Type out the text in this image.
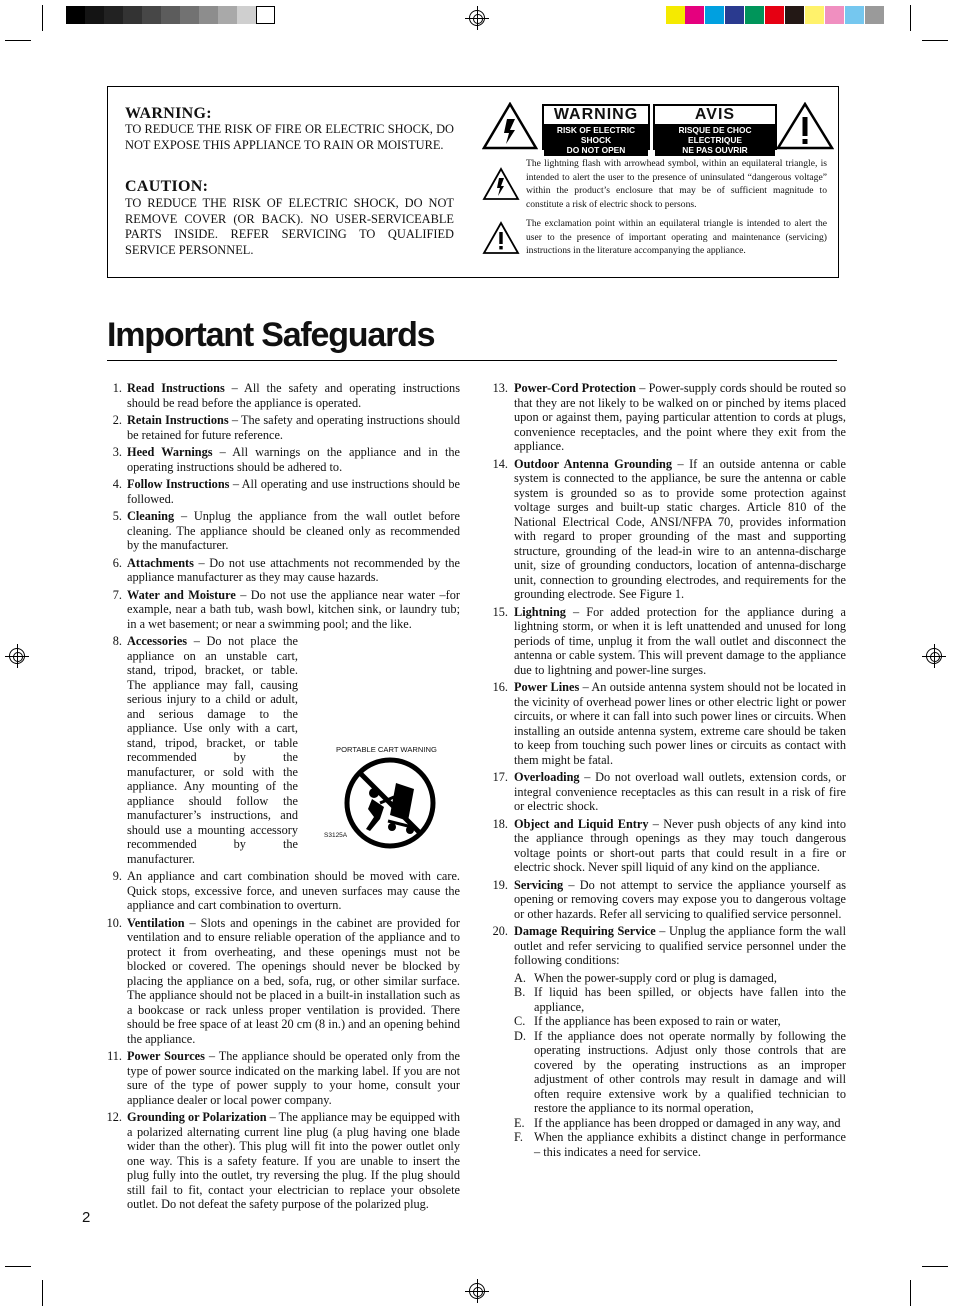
WARNING:
TO REDUCE THE RISK OF FIRE OR ELECTRIC SHOCK, DO NOT EXPOSE THIS APPLIANCE TO RAIN OR MOISTURE.
CAUTION:
TO REDUCE THE RISK OF ELECTRIC SHOCK, DO NOT REMOVE COVER (OR BACK). NO USER-SERVICEABLE PARTS INSIDE. REFER SERVICING TO QUALIFIED SERVICE PERSONNEL.
WARNING
RISK OF ELECTRIC SHOCK
DO NOT OPEN
AVIS
RISQUE DE CHOC ELECTRIQUE
NE PAS OUVRIR
The lightning flash with arrowhead symbol, within an equilateral triangle, is intended to alert the user to the presence of uninsulated “dangerous voltage” within the product’s enclosure that may be of sufficient magnitude to constitute a risk of electric shock to persons.
The exclamation point within an equilateral triangle is intended to alert the user to the presence of important operating and maintenance (servicing) instructions in the literature accompanying the appliance.
Important Safeguards
1. Read Instructions – All the safety and operating instructions should be read before the appliance is operated.
2. Retain Instructions – The safety and operating instructions should be retained for future reference.
3. Heed Warnings – All warnings on the appliance and in the operating instructions should be adhered to.
4. Follow Instructions – All operating and use instructions should be followed.
5. Cleaning – Unplug the appliance from the wall outlet before cleaning. The appliance should be cleaned only as recommended by the manufacturer.
6. Attachments – Do not use attachments not recommended by the appliance manufacturer as they may cause hazards.
7. Water and Moisture – Do not use the appliance near water –for example, near a bath tub, wash bowl, kitchen sink, or laundry tub; in a wet basement; or near a swimming pool; and the like.
8. Accessories – Do not place the appliance on an unstable cart, stand, tripod, bracket, or table. The appliance may fall, causing serious injury to a child or adult, and serious damage to the appliance. Use only with a cart, stand, tripod, bracket, or table recommended by the manufacturer, or sold with the appliance. Any mounting of the appliance should follow the manufacturer’s instructions, and should use a mounting accessory recommended by the manufacturer.
9. An appliance and cart combination should be moved with care. Quick stops, excessive force, and uneven surfaces may cause the appliance and cart combination to overturn.
10. Ventilation – Slots and openings in the cabinet are provided for ventilation and to ensure reliable operation of the appliance and to protect it from overheating, and these openings must not be blocked or covered. The openings should never be blocked by placing the appliance on a bed, sofa, rug, or other similar surface. The appliance should not be placed in a built-in installation such as a bookcase or rack unless proper ventilation is provided. There should be free space of at least 20 cm (8 in.) and an opening behind the appliance.
11. Power Sources – The appliance should be operated only from the type of power source indicated on the marking label. If you are not sure of the type of power supply to your home, consult your appliance dealer or local power company.
12. Grounding or Polarization – The appliance may be equipped with a polarized alternating current line plug (a plug having one blade wider than the other). This plug will fit into the power outlet only one way. This is a safety feature. If you are unable to insert the plug fully into the outlet, try reversing the plug. If the plug should still fail to fit, contact your electrician to replace your obsolete outlet. Do not defeat the safety purpose of the polarized plug.
13. Power-Cord Protection – Power-supply cords should be routed so that they are not likely to be walked on or pinched by items placed upon or against them, paying particular attention to cords at plugs, convenience receptacles, and the point where they exit from the appliance.
14. Outdoor Antenna Grounding – If an outside antenna or cable system is connected to the appliance, be sure the antenna or cable system is grounded so as to provide some protection against voltage surges and built-up static charges. Article 810 of the National Electrical Code, ANSI/NFPA 70, provides information with regard to proper grounding of the mast and supporting structure, grounding of the lead-in wire to an antenna-discharge unit, size of grounding conductors, location of antenna-discharge unit, connection to grounding electrodes, and requirements for the grounding electrode. See Figure 1.
15. Lightning – For added protection for the appliance during a lightning storm, or when it is left unattended and unused for long periods of time, unplug it from the wall outlet and disconnect the antenna or cable system. This will prevent damage to the appliance due to lightning and power-line surges.
16. Power Lines – An outside antenna system should not be located in the vicinity of overhead power lines or other electric light or power circuits, or where it can fall into such power lines or circuits. When installing an outside antenna system, extreme care should be taken to keep from touching such power lines or circuits as contact with them might be fatal.
17. Overloading – Do not overload wall outlets, extension cords, or integral convenience receptacles as this can result in a risk of fire or electric shock.
18. Object and Liquid Entry – Never push objects of any kind into the appliance through openings as they may touch dangerous voltage points or short-out parts that could result in a fire or electric shock. Never spill liquid of any kind on the appliance.
19. Servicing – Do not attempt to service the appliance yourself as opening or removing covers may expose you to dangerous voltage or other hazards. Refer all servicing to qualified service personnel.
20. Damage Requiring Service – Unplug the appliance form the wall outlet and refer servicing to qualified service personnel under the following conditions:
A. When the power-supply cord or plug is damaged,
B. If liquid has been spilled, or objects have fallen into the appliance,
C. If the appliance has been exposed to rain or water,
D. If the appliance does not operate normally by following the operating instructions. Adjust only those controls that are covered by the operating instructions as an improper adjustment of other controls may result in damage and will often require extensive work by a qualified technician to restore the appliance to its normal operation,
E. If the appliance has been dropped or damaged in any way, and
F. When the appliance exhibits a distinct change in performance – this indicates a need for service.
PORTABLE CART WARNING
S3125A
2
